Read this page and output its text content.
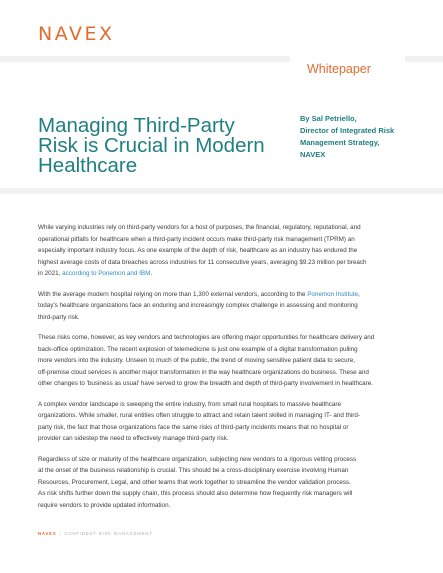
NAVEX
Whitepaper
Managing Third-Party
Risk is Crucial in Modern
Healthcare
By Sal Petriello,
Director of Integrated Risk
Management Strategy,
NAVEX

While varying industries rely on third-party vendors for a host of purposes, the financial, regulatory, reputational, and
operational pitfalls for healthcare when a third-party incident occurs make third-party risk management (TPRM) an
especially important industry focus. As one example of the depth of risk, healthcare as an industry has endured the
highest average costs of data breaches across industries for 11 consecutive years, averaging $9.23 million per breach
in 2021, according to Ponemon and IBM.

With the average modern hospital relying on more than 1,300 external vendors, according to the Ponemon Institute,
today's healthcare organizations face an enduring and increasingly complex challenge in assessing and monitoring
third-party risk.

These risks come, however, as key vendors and technologies are offering major opportunities for healthcare delivery and
back-office optimization. The recent explosion of telemedicine is just one example of a digital transformation pulling
more vendors into the industry. Unseen to much of the public, the trend of moving sensitive patient data to secure,
off-premise cloud services is another major transformation in the way healthcare organizations do business. These and
other changes to 'business as usual' have served to grow the breadth and depth of third-party involvement in healthcare.

A complex vendor landscape is sweeping the entire industry, from small rural hospitals to massive healthcare
organizations. While smaller, rural entities often struggle to attract and retain talent skilled in managing IT- and third-
party risk, the fact that those organizations face the same risks of third-party incidents means that no hospital or
provider can sidestep the need to effectively manage third-party risk.

Regardless of size or maturity of the healthcare organization, subjecting new vendors to a rigorous vetting process
at the onset of the business relationship is crucial. This should be a cross-disciplinary exercise involving Human
Resources, Procurement, Legal, and other teams that work together to streamline the vendor validation process.
As risk shifts further down the supply chain, this process should also determine how frequently risk managers will
require vendors to provide updated information.

NAVEX | CONFIDENT RISK MANAGEMENT
